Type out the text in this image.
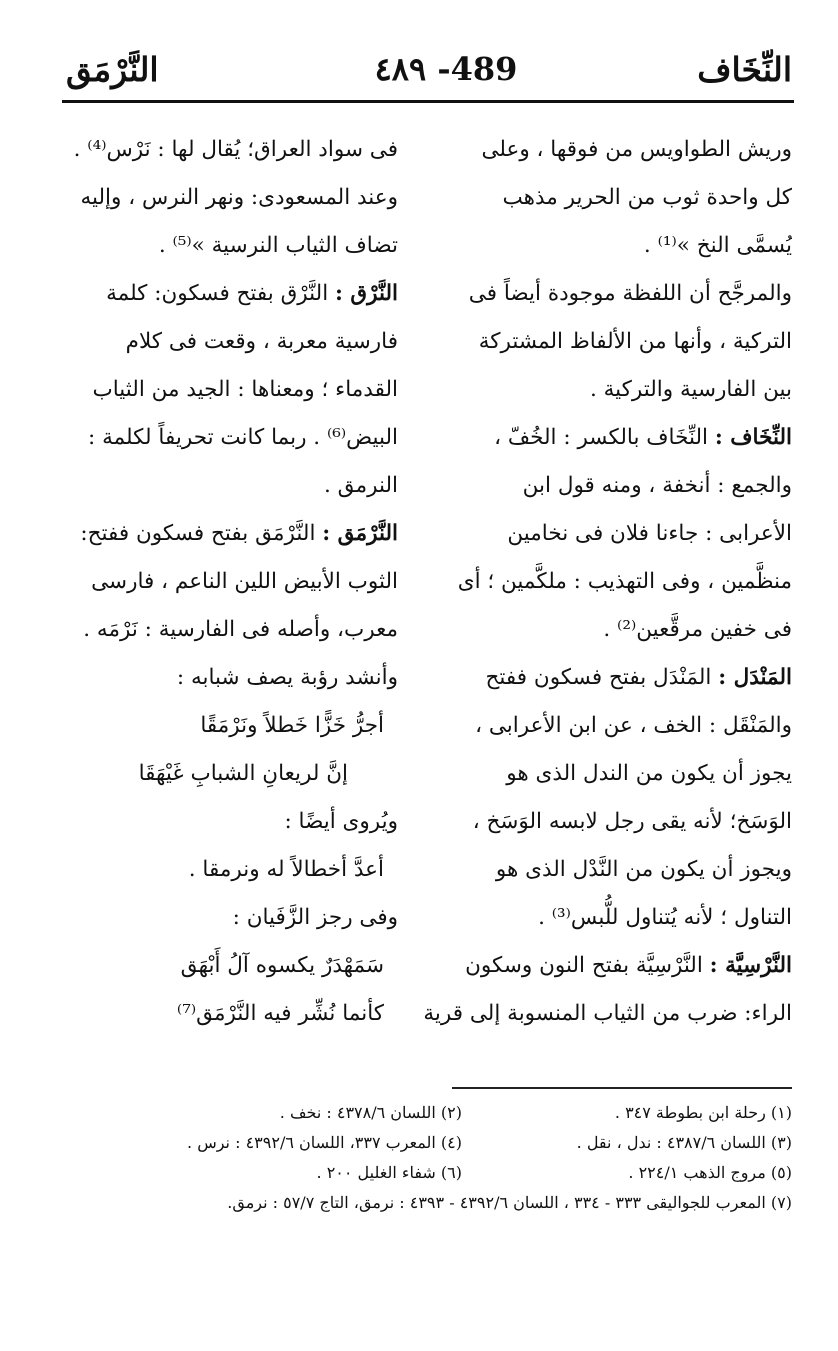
النِّخَاف
٤٨٩ -489
النَّرْمَق
وريش الطواويس من فوقها ، وعلى
كل واحدة ثوب من الحرير مذهب
يُسمَّى النخ »⁽¹⁾ .
والمرجَّح أن اللفظة موجودة أيضاً فى
التركية ، وأنها من الألفاظ المشتركة
بين الفارسية والتركية .
النِّخَاف : النِّخَاف بالكسر : الخُفّ ،
والجمع : أنخفة ، ومنه قول ابن
الأعرابى : جاءنا فلان فى نخامين
منظَّمين ، وفى التهذيب : ملكَّمين ؛ أى
فى خفين مرقَّعين⁽²⁾ .
المَنْدَل : المَنْدَل بفتح فسكون ففتح
والمَنْقَل : الخف ، عن ابن الأعرابى ،
يجوز أن يكون من الندل الذى هو
الوَسَخ؛ لأنه يقى رجل لابسه الوَسَخ ،
ويجوز أن يكون من النَّدْل الذى هو
التناول ؛ لأنه يُتناول للُّبس⁽³⁾ .
النَّرْسِيَّة : النَّرْسِيَّة بفتح النون وسكون
الراء: ضرب من الثياب المنسوبة إلى قرية
فى سواد العراق؛ يُقال لها : نَرْس⁽⁴⁾ .
وعند المسعودى: ونهر النرس ، وإليه
تضاف الثياب النرسية »⁽⁵⁾ .
النَّرْق : النَّرْق بفتح فسكون: كلمة
فارسية معربة ، وقعت فى كلام
القدماء ؛ ومعناها : الجيد من الثياب
البيض⁽⁶⁾ . ربما كانت تحريفاً لكلمة :
النرمق .
النَّرْمَق : النَّرْمَق بفتح فسكون ففتح:
الثوب الأبيض اللين الناعم ، فارسى
معرب، وأصله فى الفارسية : نَرْمَه .
وأنشد رؤبة يصف شبابه :
أجرُّ خَزًّا خَطلاً ونَرْمَقًا
إنَّ لريعانِ الشبابِ غَيْهَقَا
ويُروى أيضًا :
أعدَّ أخطالاً له ونرمقا .
وفى رجز الزَّفَيان :
سَمَهْدَرٌ يكسوه آلُ أَبْهَق
كأنما نُشِّر فيه النَّرْمَق⁽⁷⁾
(١) رحلة ابن بطوطة ٣٤٧ .
(٢) اللسان ٤٣٧٨/٦ : نخف .
(٣) اللسان ٤٣٨٧/٦ : ندل ، نقل .
(٤) المعرب ٣٣٧، اللسان ٤٣٩٢/٦ : نرس .
(٥) مروج الذهب ٢٢٤/١ .
(٦) شفاء الغليل ٢٠٠ .
(٧) المعرب للجواليقى ٣٣٣ - ٣٣٤ ، اللسان ٤٣٩٢/٦ - ٤٣٩٣ : نرمق، التاج ٥٧/٧ : نرمق.
